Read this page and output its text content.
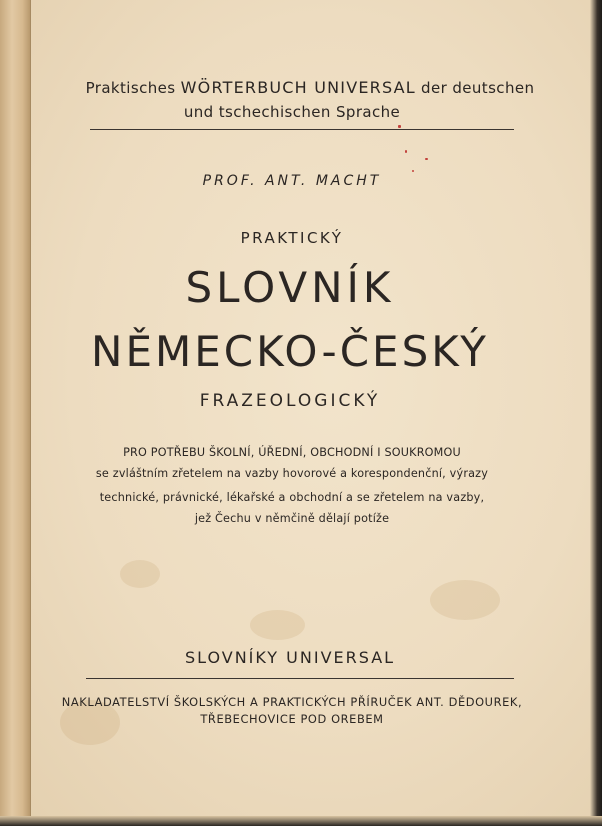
Praktisches WÖRTERBUCH UNIVERSAL der deutschen
und tschechischen Sprache
PROF. ANT. MACHT
PRAKTICKÝ
SLOVNÍK
NĚMECKO-ČESKÝ
FRAZEOLOGICKÝ
PRO POTŘEBU ŠKOLNÍ, ÚŘEDNÍ, OBCHODNÍ I SOUKROMOU
se zvláštním zřetelem na vazby hovorové a korespondenční, výrazy
technické, právnické, lékařské a obchodní a se zřetelem na vazby,
jež Čechu v němčině dělají potíže
SLOVNÍKY UNIVERSAL
NAKLADATELSTVÍ ŠKOLSKÝCH A PRAKTICKÝCH PŘÍRUČEK ANT. DĚDOUREK,
TŘEBECHOVICE POD OREBEM
